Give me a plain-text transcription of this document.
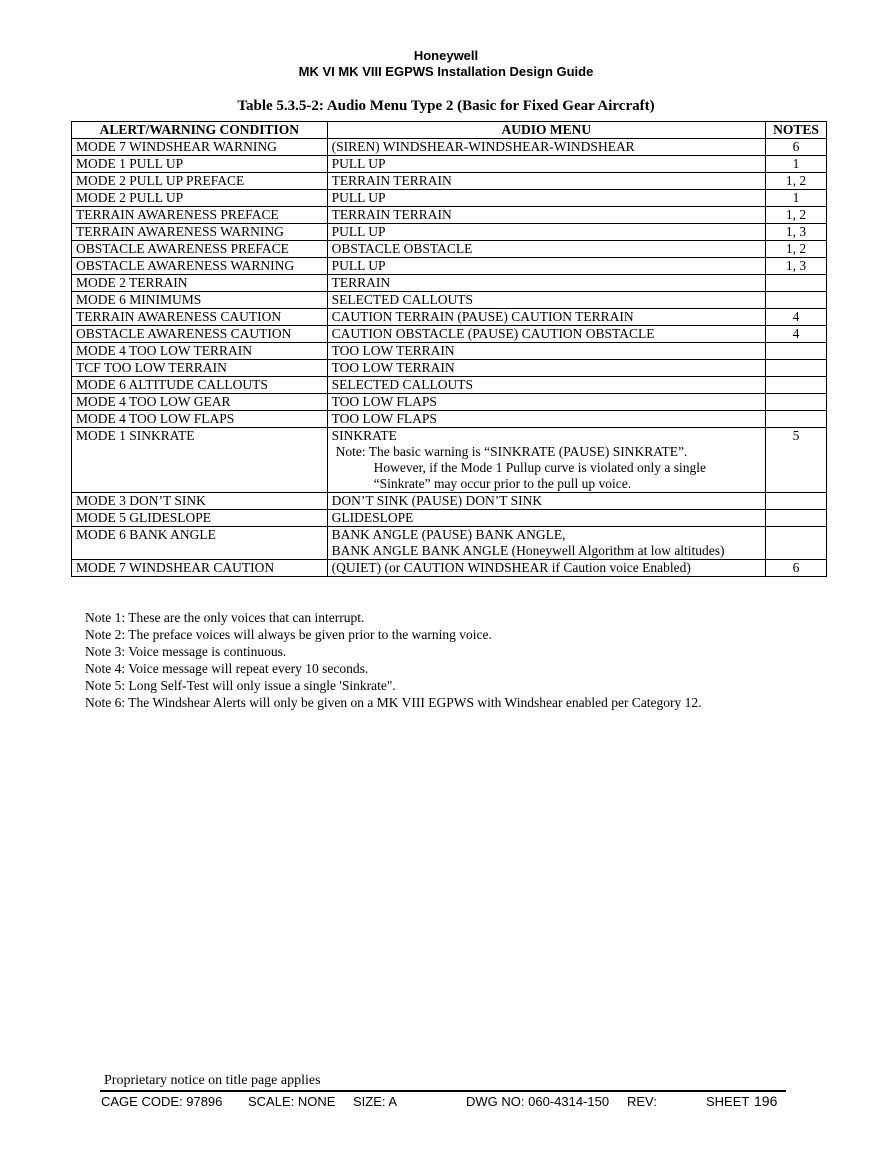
Honeywell
MK VI MK VIII EGPWS Installation Design Guide
Table 5.3.5-2: Audio Menu Type 2 (Basic for Fixed Gear Aircraft)
ALERT/WARNING CONDITION	AUDIO MENU	NOTES
MODE 7 WINDSHEAR WARNING	(SIREN) WINDSHEAR-WINDSHEAR-WINDSHEAR	6
MODE 1 PULL UP	PULL UP	1
MODE 2 PULL UP PREFACE	TERRAIN TERRAIN	1, 2
MODE 2 PULL UP	PULL UP	1
TERRAIN AWARENESS PREFACE	TERRAIN TERRAIN	1, 2
TERRAIN AWARENESS WARNING	PULL UP	1, 3
OBSTACLE AWARENESS PREFACE	OBSTACLE OBSTACLE	1, 2
OBSTACLE AWARENESS WARNING	PULL UP	1, 3
MODE 2 TERRAIN	TERRAIN	

MODE 6 MINIMUMS	SELECTED CALLOUTS	

TERRAIN AWARENESS CAUTION	CAUTION TERRAIN (PAUSE) CAUTION TERRAIN	4
OBSTACLE AWARENESS CAUTION	CAUTION OBSTACLE (PAUSE) CAUTION OBSTACLE	4
MODE 4 TOO LOW TERRAIN	TOO LOW TERRAIN	

TCF TOO LOW TERRAIN	TOO LOW TERRAIN	

MODE 6 ALTITUDE CALLOUTS	SELECTED CALLOUTS	

MODE 4 TOO LOW GEAR	TOO LOW FLAPS	

MODE 4 TOO LOW FLAPS	TOO LOW FLAPS	

MODE 1 SINKRATE	SINKRATE
Note: The basic warning is “SINKRATE (PAUSE) SINKRATE”.
However, if the Mode 1 Pullup curve is violated only a single
“Sinkrate” may occur prior to the pull up voice.	5
MODE 3 DON’T SINK	DON’T SINK (PAUSE) DON’T SINK	

MODE 5 GLIDESLOPE	GLIDESLOPE	

MODE 6 BANK ANGLE	BANK ANGLE (PAUSE) BANK ANGLE,
BANK ANGLE BANK ANGLE (Honeywell Algorithm at low altitudes)	

MODE 7 WINDSHEAR CAUTION	(QUIET) (or CAUTION WINDSHEAR if Caution voice Enabled)	6
Note 1: These are the only voices that can interrupt.
Note 2: The preface voices will always be given prior to the warning voice.
Note 3: Voice message is continuous.
Note 4: Voice message will repeat every 10 seconds.
Note 5: Long Self-Test will only issue a single 'Sinkrate".
Note 6: The Windshear Alerts will only be given on a MK VIII EGPWS with Windshear enabled per Category 12.
Proprietary notice on title page applies
CAGE CODE: 97896 SCALE: NONE SIZE: A	DWG NO: 060-4314-150 REV:	SHEET 196
